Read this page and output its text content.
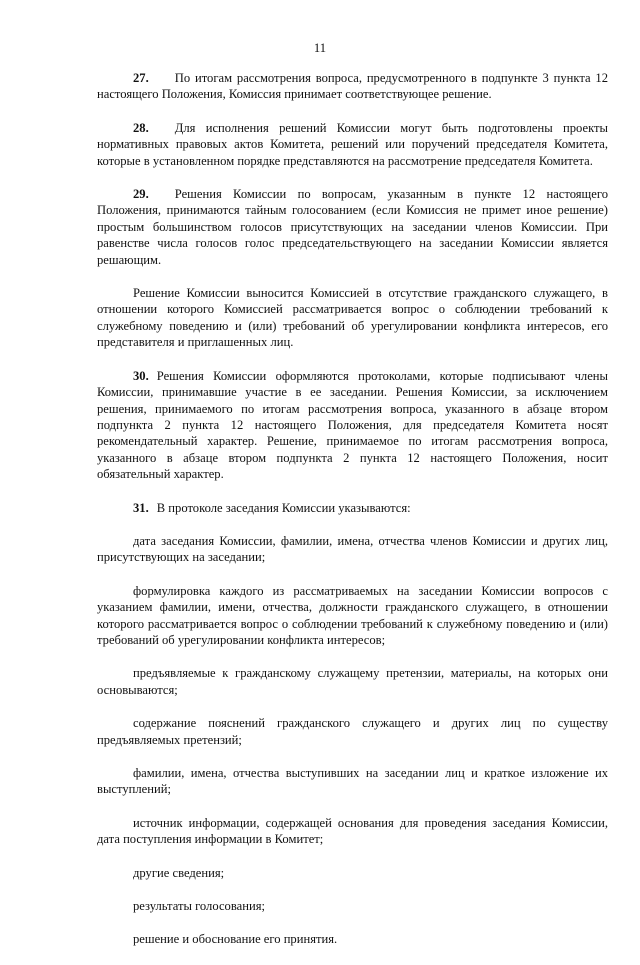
11

27. По итогам рассмотрения вопроса, предусмотренного в подпункте 3 пункта 12 настоящего Положения, Комиссия принимает соответствующее решение.

28. Для исполнения решений Комиссии могут быть подготовлены проекты нормативных правовых актов Комитета, решений или поручений председателя Комитета, которые в установленном порядке представляются на рассмотрение председателя Комитета.

29. Решения Комиссии по вопросам, указанным в пункте 12 настоящего Положения, принимаются тайным голосованием (если Комиссия не примет иное решение) простым большинством голосов присутствующих на заседании членов Комиссии. При равенстве числа голосов голос председательствующего на заседании Комиссии является решающим.

Решение Комиссии выносится Комиссией в отсутствие гражданского служащего, в отношении которого Комиссией рассматривается вопрос о соблюдении требований к служебному поведению и (или) требований об урегулировании конфликта интересов, его представителя и приглашенных лиц.

30. Решения Комиссии оформляются протоколами, которые подписывают члены Комиссии, принимавшие участие в ее заседании. Решения Комиссии, за исключением решения, принимаемого по итогам рассмотрения вопроса, указанного в абзаце втором подпункта 2 пункта 12 настоящего Положения, для председателя Комитета носят рекомендательный характер. Решение, принимаемое по итогам рассмотрения вопроса, указанного в абзаце втором подпункта 2 пункта 12 настоящего Положения, носит обязательный характер.

31. В протоколе заседания Комиссии указываются:

дата заседания Комиссии, фамилии, имена, отчества членов Комиссии и других лиц, присутствующих на заседании;

формулировка каждого из рассматриваемых на заседании Комиссии вопросов с указанием фамилии, имени, отчества, должности гражданского служащего, в отношении которого рассматривается вопрос о соблюдении требований к служебному поведению и (или) требований об урегулировании конфликта интересов;

предъявляемые к гражданскому служащему претензии, материалы, на которых они основываются;

содержание пояснений гражданского служащего и других лиц по существу предъявляемых претензий;

фамилии, имена, отчества выступивших на заседании лиц и краткое изложение их выступлений;

источник информации, содержащей основания для проведения заседания Комиссии, дата поступления информации в Комитет;

другие сведения;

результаты голосования;

решение и обоснование его принятия.
